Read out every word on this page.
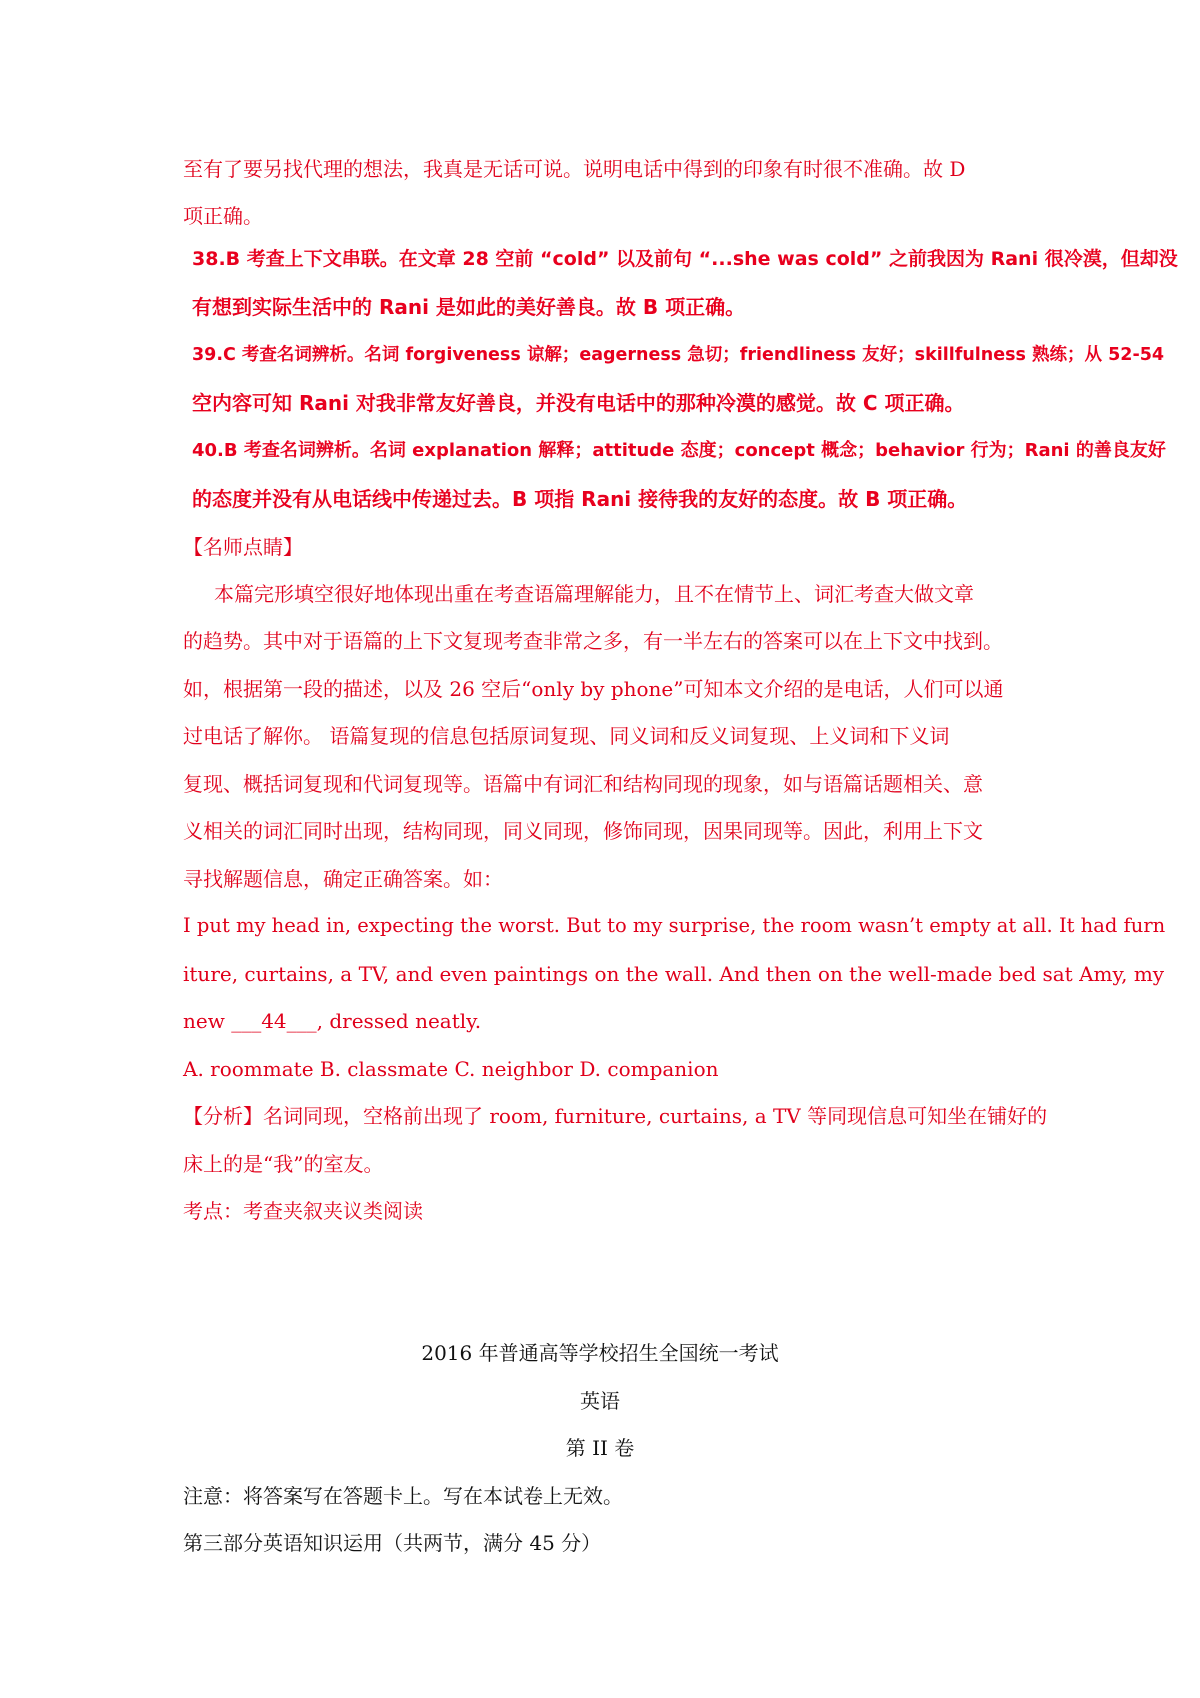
至有了要另找代理的想法，我真是无话可说。说明电话中得到的印象有时很不准确。故 D
项正确。
38.B 考查上下文串联。在文章 28 空前 “cold” 以及前句 “...she was cold” 之前我因为 Rani 很冷漠，但却没
有想到实际生活中的 Rani 是如此的美好善良。故 B 项正确。
39.C 考查名词辨析。名词 forgiveness 谅解；eagerness 急切；friendliness 友好；skillfulness 熟练；从 52-54
空内容可知 Rani 对我非常友好善良，并没有电话中的那种冷漠的感觉。故 C 项正确。
40.B 考查名词辨析。名词 explanation 解释；attitude 态度；concept 概念；behavior 行为；Rani 的善良友好
的态度并没有从电话线中传递过去。B 项指 Rani 接待我的友好的态度。故 B 项正确。
【名师点睛】
本篇完形填空很好地体现出重在考查语篇理解能力，且不在情节上、词汇考查大做文章
的趋势。其中对于语篇的上下文复现考查非常之多，有一半左右的答案可以在上下文中找到。
如，根据第一段的描述，以及 26 空后“only by phone”可知本文介绍的是电话，人们可以通
过电话了解你。 语篇复现的信息包括原词复现、同义词和反义词复现、上义词和下义词
复现、概括词复现和代词复现等。语篇中有词汇和结构同现的现象，如与语篇话题相关、意
义相关的词汇同时出现，结构同现，同义同现，修饰同现，因果同现等。因此，利用上下文
寻找解题信息，确定正确答案。如：
I put my head in, expecting the worst. But to my surprise, the room wasn’t empty at all. It had furn
iture, curtains, a TV, and even paintings on the wall. And then on the well-made bed sat Amy, my
new ___44___, dressed neatly.
A. roommate B. classmate C. neighbor D. companion
【分析】名词同现，空格前出现了 room, furniture, curtains, a TV 等同现信息可知坐在铺好的
床上的是“我”的室友。
考点：考查夹叙夹议类阅读
2016 年普通高等学校招生全国统一考试
英语
第 II 卷
注意：将答案写在答题卡上。写在本试卷上无效。
第三部分英语知识运用（共两节，满分 45 分）
